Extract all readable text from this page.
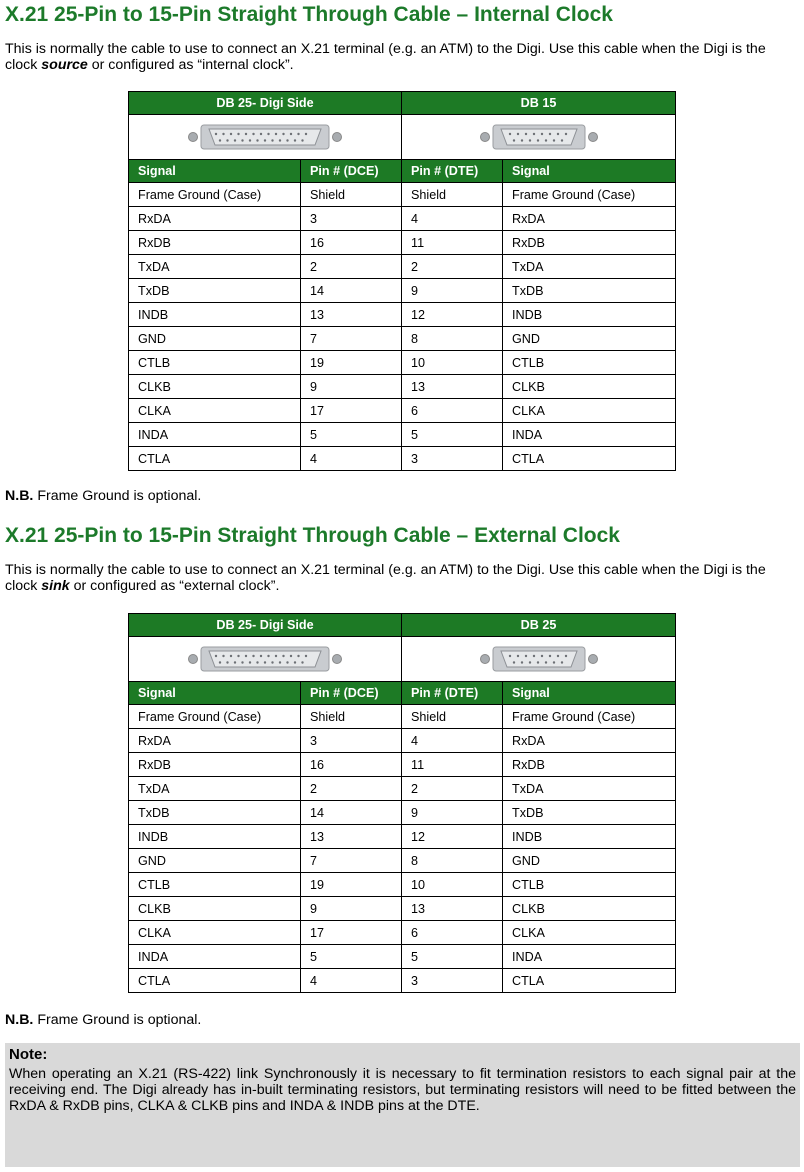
X.21 25-Pin to 15-Pin Straight Through Cable – Internal Clock

This is normally the cable to use to connect an X.21 terminal (e.g. an ATM) to the Digi. Use this cable when the Digi is the clock source or configured as “internal clock”.

DB 25- Digi Side		DB 15	

Signal	Pin # (DCE)	Pin # (DTE)	Signal
Frame Ground (Case)	Shield	Shield	Frame Ground (Case)
RxDA	3	4	RxDA
RxDB	16	11	RxDB
TxDA	2	2	TxDA
TxDB	14	9	TxDB
INDB	13	12	INDB
GND	7	8	GND
CTLB	19	10	CTLB
CLKB	9	13	CLKB
CLKA	17	6	CLKA
INDA	5	5	INDA
CTLA	4	3	CTLA

N.B. Frame Ground is optional.

X.21 25-Pin to 15-Pin Straight Through Cable – External Clock

This is normally the cable to use to connect an X.21 terminal (e.g. an ATM) to the Digi. Use this cable when the Digi is the clock sink or configured as “external clock”.

DB 25- Digi Side		DB 25	

Signal	Pin # (DCE)	Pin # (DTE)	Signal
Frame Ground (Case)	Shield	Shield	Frame Ground (Case)
RxDA	3	4	RxDA
RxDB	16	11	RxDB
TxDA	2	2	TxDA
TxDB	14	9	TxDB
INDB	13	12	INDB
GND	7	8	GND
CTLB	19	10	CTLB
CLKB	9	13	CLKB
CLKA	17	6	CLKA
INDA	5	5	INDA
CTLA	4	3	CTLA

N.B. Frame Ground is optional.

Note:

When operating an X.21 (RS-422) link Synchronously it is necessary to fit termination resistors to each signal pair at the receiving end. The Digi already has in-built terminating resistors, but terminating resistors will need to be fitted between the RxDA & RxDB pins, CLKA & CLKB pins and INDA & INDB pins at the DTE.
